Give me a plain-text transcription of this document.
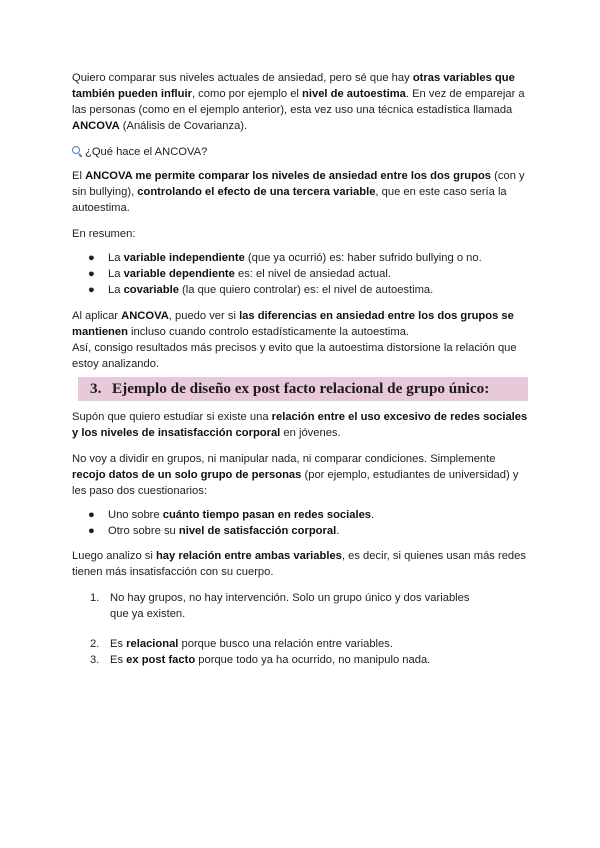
Quiero comparar sus niveles actuales de ansiedad, pero sé que hay otras variables que también pueden influir, como por ejemplo el nivel de autoestima. En vez de emparejar a las personas (como en el ejemplo anterior), esta vez uso una técnica estadística llamada ANCOVA (Análisis de Covarianza).

¿Qué hace el ANCOVA?

El ANCOVA me permite comparar los niveles de ansiedad entre los dos grupos (con y sin bullying), controlando el efecto de una tercera variable, que en este caso sería la autoestima.

En resumen:

● La variable independiente (que ya ocurrió) es: haber sufrido bullying o no.
● La variable dependiente es: el nivel de ansiedad actual.
● La covariable (la que quiero controlar) es: el nivel de autoestima.

Al aplicar ANCOVA, puedo ver si las diferencias en ansiedad entre los dos grupos se mantienen incluso cuando controlo estadísticamente la autoestima.
Así, consigo resultados más precisos y evito que la autoestima distorsione la relación que estoy analizando.

3. Ejemplo de diseño ex post facto relacional de grupo único:

Supón que quiero estudiar si existe una relación entre el uso excesivo de redes sociales y los niveles de insatisfacción corporal en jóvenes.

No voy a dividir en grupos, ni manipular nada, ni comparar condiciones. Simplemente recojo datos de un solo grupo de personas (por ejemplo, estudiantes de universidad) y les paso dos cuestionarios:

● Uno sobre cuánto tiempo pasan en redes sociales.
● Otro sobre su nivel de satisfacción corporal.

Luego analizo si hay relación entre ambas variables, es decir, si quienes usan más redes tienen más insatisfacción con su cuerpo.

1. No hay grupos, no hay intervención. Solo un grupo único y dos variables que ya existen.
2. Es relacional porque busco una relación entre variables.
3. Es ex post facto porque todo ya ha ocurrido, no manipulo nada.
